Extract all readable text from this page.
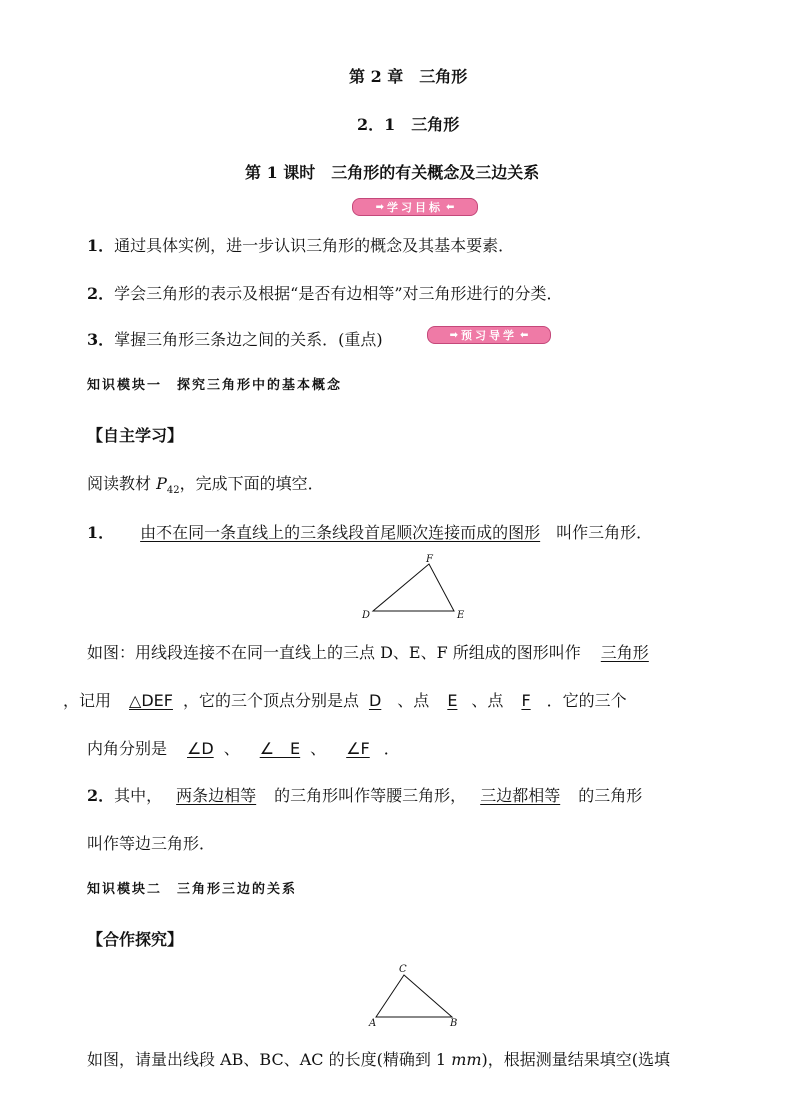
第 2 章　三角形
2．1　三角形
第 1 课时　三角形的有关概念及三边关系
➡ 学习目标 ⬅
1．通过具体实例，进一步认识三角形的概念及其基本要素．
2．学会三角形的表示及根据“是否有边相等”对三角形进行的分类．
3．掌握三角形三条边之间的关系．(重点)	➡ 预习导学 ⬅
知识模块一　探究三角形中的基本概念
【自主学习】
阅读教材 $P_{42}$，完成下面的填空．
1． 由不在同一条直线上的三条线段首尾顺次连接而成的图形 叫作三角形．
F
D	E
如图：用线段连接不在同一直线上的三点 D、E、F 所组成的图形叫作 三角形
，记用 △DEF ，它的三个顶点分别是点 D 、点 E 、点 F ．它的三个
内角分别是 ∠D 、 ∠　E 、 ∠F ．
2．其中， 两条边相等 的三角形叫作等腰三角形， 三边都相等 的三角形
叫作等边三角形．
知识模块二　三角形三边的关系
【合作探究】
C
A	B
如图，请量出线段 AB、BC、AC 的长度(精确到 1 mm)，根据测量结果填空(选填
